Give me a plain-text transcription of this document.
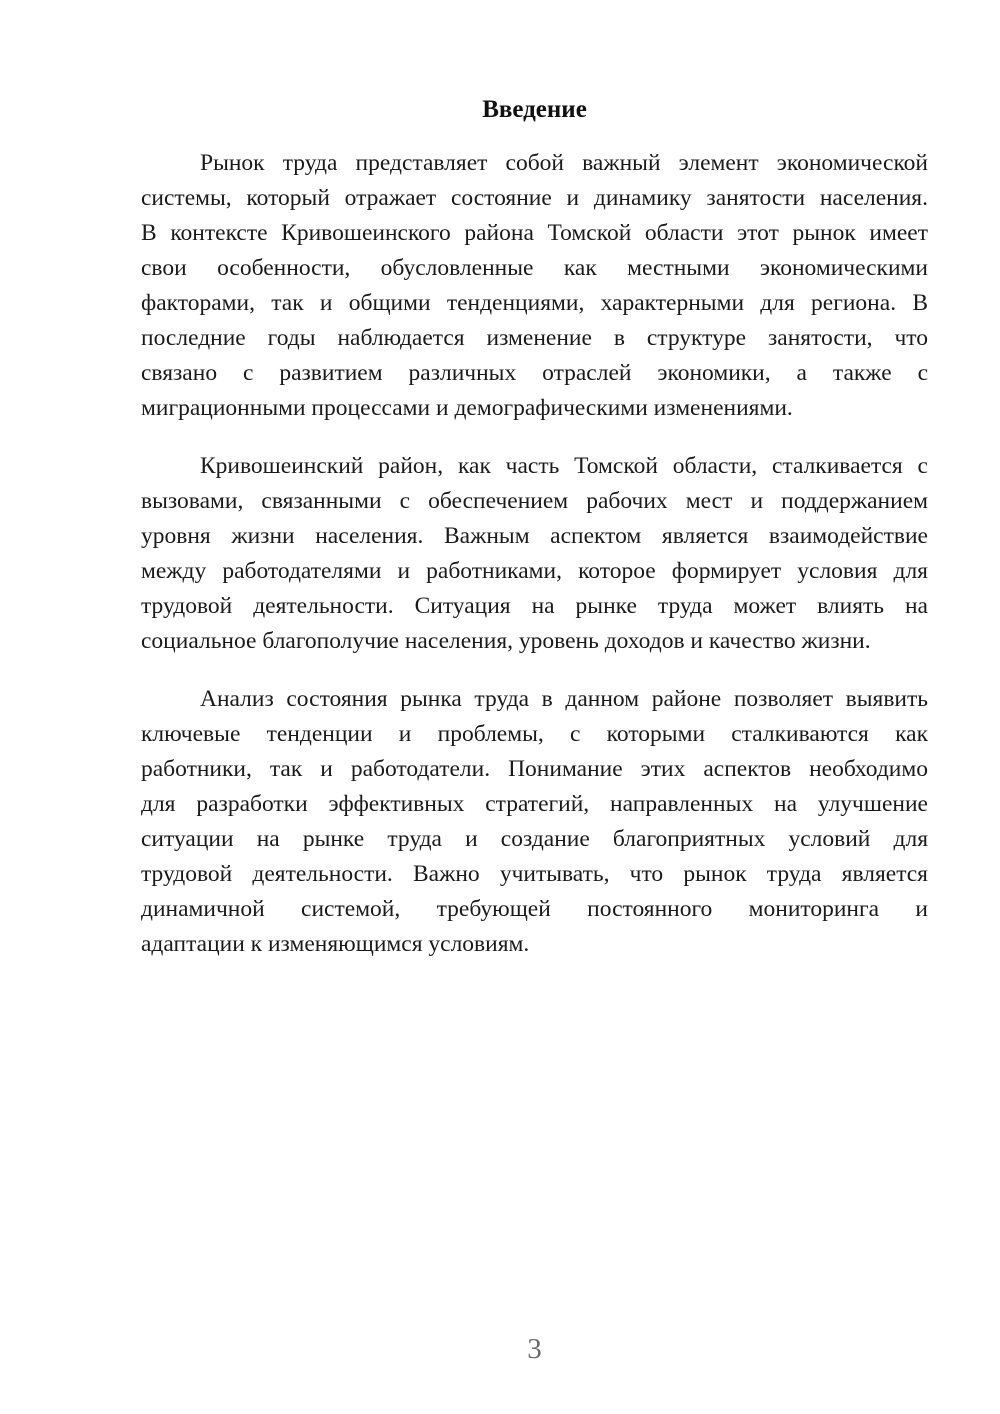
Введение
Рынок труда представляет собой важный элемент экономической
системы, который отражает состояние и динамику занятости населения.
В контексте Кривошеинского района Томской области этот рынок имеет
свои особенности, обусловленные как местными экономическими
факторами, так и общими тенденциями, характерными для региона. В
последние годы наблюдается изменение в структуре занятости, что
связано с развитием различных отраслей экономики, а также с
миграционными процессами и демографическими изменениями.
Кривошеинский район, как часть Томской области, сталкивается с
вызовами, связанными с обеспечением рабочих мест и поддержанием
уровня жизни населения. Важным аспектом является взаимодействие
между работодателями и работниками, которое формирует условия для
трудовой деятельности. Ситуация на рынке труда может влиять на
социальное благополучие населения, уровень доходов и качество жизни.
Анализ состояния рынка труда в данном районе позволяет выявить
ключевые тенденции и проблемы, с которыми сталкиваются как
работники, так и работодатели. Понимание этих аспектов необходимо
для разработки эффективных стратегий, направленных на улучшение
ситуации на рынке труда и создание благоприятных условий для
трудовой деятельности. Важно учитывать, что рынок труда является
динамичной системой, требующей постоянного мониторинга и
адаптации к изменяющимся условиям.
3
